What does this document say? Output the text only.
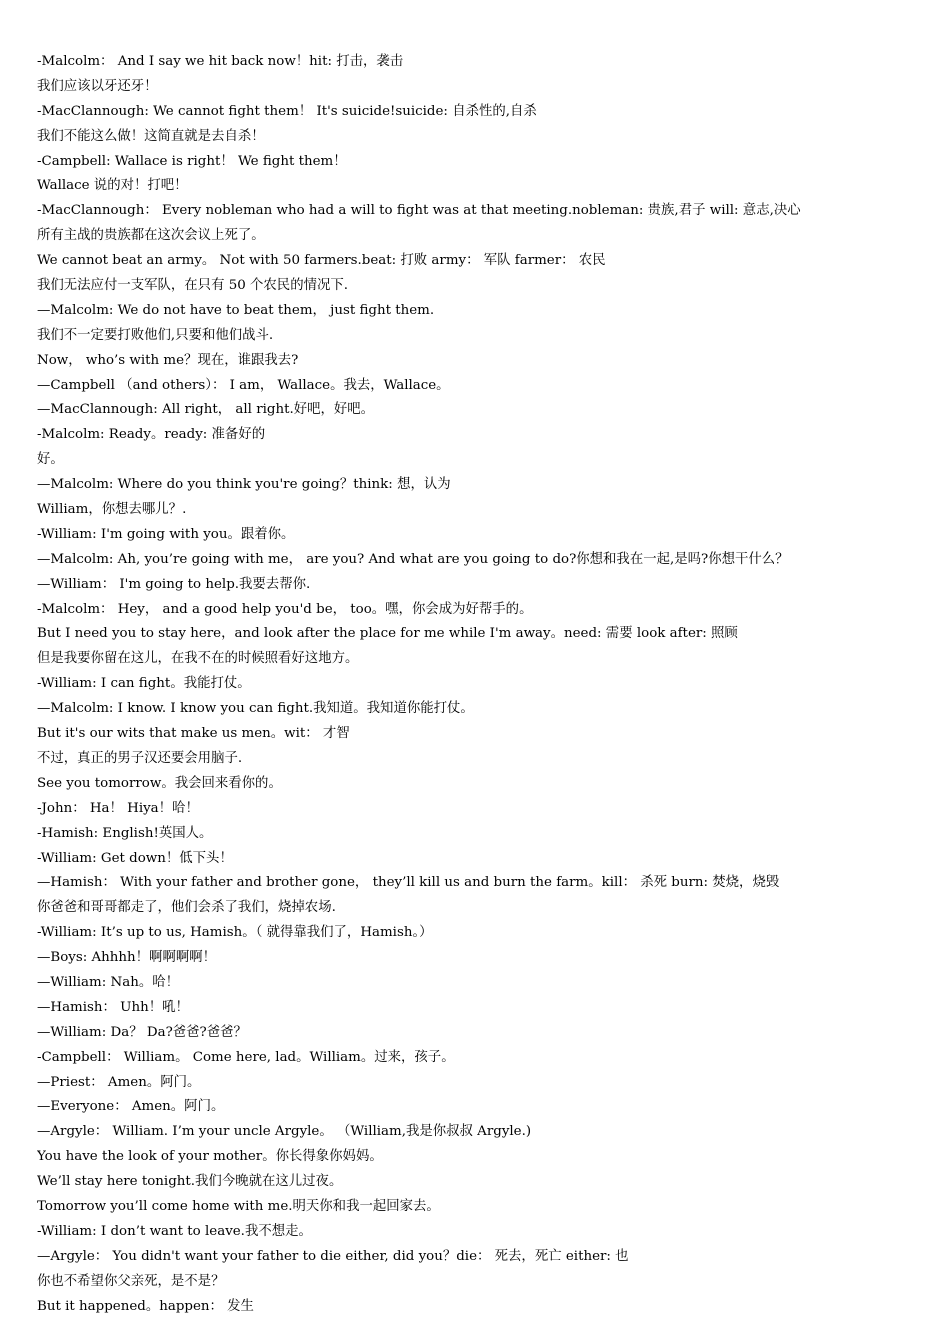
-Malcolm： And I say we hit back now！hit: 打击，袭击
我们应该以牙还牙！
-MacClannough: We cannot fight them！ It's suicide!suicide: 自杀性的,自杀
我们不能这么做！这简直就是去自杀！
-Campbell: Wallace is right！ We fight them！
Wallace 说的对！打吧！
-MacClannough： Every nobleman who had a will to fight was at that meeting.nobleman: 贵族,君子 will: 意志,决心
所有主战的贵族都在这次会议上死了。
We cannot beat an army。 Not with 50 farmers.beat: 打败 army： 军队 farmer： 农民
我们无法应付一支军队，在只有 50 个农民的情况下.
—Malcolm: We do not have to beat them， just fight them.
我们不一定要打败他们,只要和他们战斗.
Now， who’s with me？现在，谁跟我去?
—Campbell （and others）： I am， Wallace。我去，Wallace。
—MacClannough: All right， all right.好吧，好吧。
-Malcolm: Ready。ready: 准备好的
好。
—Malcolm: Where do you think you're going？think: 想，认为
William，你想去哪儿？.
-William: I'm going with you。跟着你。
—Malcolm: Ah, you’re going with me， are you? And what are you going to do?你想和我在一起,是吗?你想干什么？
—William： I'm going to help.我要去帮你.
-Malcolm： Hey， and a good help you'd be， too。嘿，你会成为好帮手的。
But I need you to stay here，and look after the place for me while I'm away。need: 需要 look after: 照顾
但是我要你留在这儿，在我不在的时候照看好这地方。
-William: I can fight。我能打仗。
—Malcolm: I know. I know you can fight.我知道。我知道你能打仗。
But it's our wits that make us men。wit： 才智
不过，真正的男子汉还要会用脑子.
See you tomorrow。我会回来看你的。
-John： Ha！ Hiya！哈！
-Hamish: English!英国人。
-William: Get down！低下头！
—Hamish： With your father and brother gone， they’ll kill us and burn the farm。kill： 杀死 burn: 焚烧，烧毁
你爸爸和哥哥都走了，他们会杀了我们，烧掉农场.
-William: It’s up to us, Hamish。（ 就得靠我们了，Hamish。）
—Boys: Ahhhh！啊啊啊啊！
—William: Nah。哈！
—Hamish： Uhh！吼！
—William: Da？ Da?爸爸?爸爸？
-Campbell： William。 Come here, lad。William。过来，孩子。
—Priest： Amen。阿门。
—Everyone： Amen。阿门。
—Argyle： William. I’m your uncle Argyle。 （William,我是你叔叔 Argyle.)
You have the look of your mother。你长得象你妈妈。
We’ll stay here tonight.我们今晚就在这儿过夜。
Tomorrow you’ll come home with me.明天你和我一起回家去。
-William: I don’t want to leave.我不想走。
—Argyle： You didn't want your father to die either, did you？die： 死去，死亡 either: 也
你也不希望你父亲死，是不是？
But it happened。happen： 发生
